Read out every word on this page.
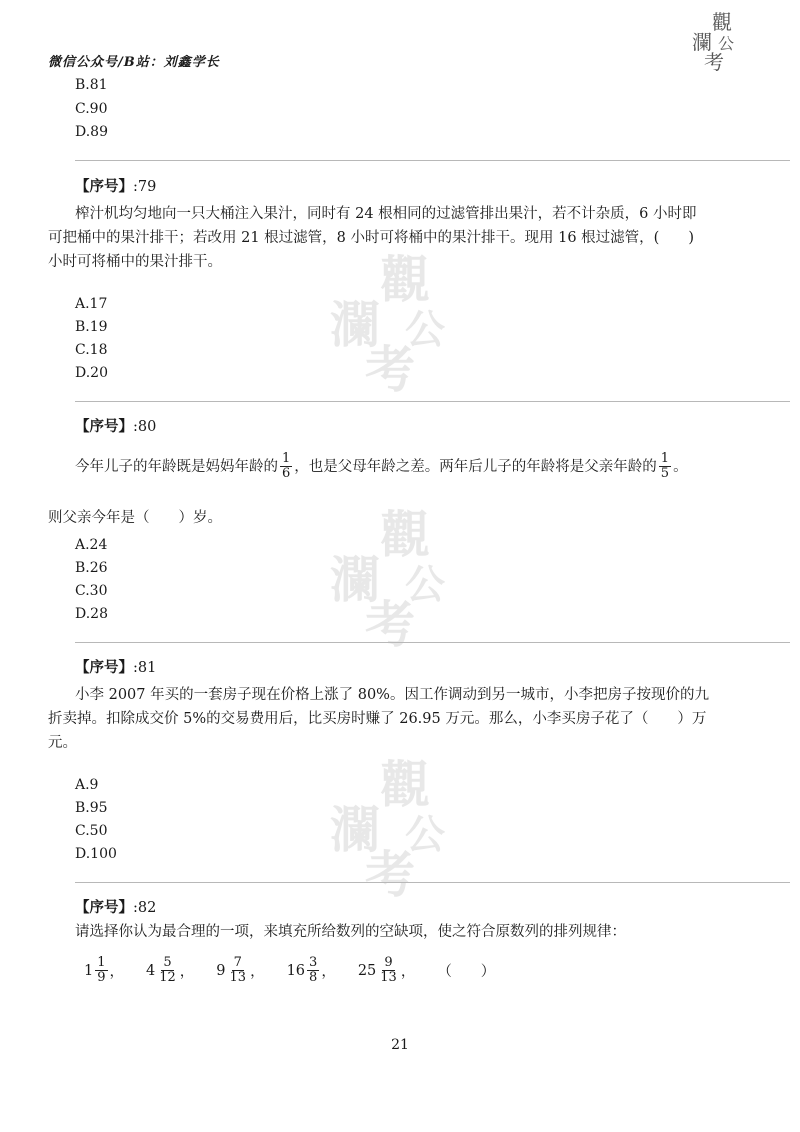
微信公众号/B站：刘鑫学长
觀
瀾 公
考
觀
瀾 公
考
觀
瀾 公
考
觀
瀾 公
考
B.81
C.90
D.89
【序号】:79
榨汁机均匀地向一只大桶注入果汁，同时有 24 根相同的过滤管排出果汁，若不计杂质，6 小时即
可把桶中的果汁排干；若改用 21 根过滤管，8 小时可将桶中的果汁排干。现用 16 根过滤管，(　　)
小时可将桶中的果汁排干。
A.17
B.19
C.18
D.20
【序号】:80
今年儿子的年龄既是妈妈年龄的 $\frac{1}{6}$ ，也是父母年龄之差。两年后儿子的年龄将是父亲年龄的 $\frac{1}{5}$ 。
则父亲今年是（　　）岁。
A.24
B.26
C.30
D.28
【序号】:81
小李 2007 年买的一套房子现在价格上涨了 80%。因工作调动到另一城市，小李把房子按现价的九
折卖掉。扣除成交价 5%的交易费用后，比买房时赚了 26.95 万元。那么，小李买房子花了（　　）万
元。
A.9
B.95
C.50
D.100
【序号】:82
请选择你认为最合理的一项，来填充所给数列的空缺项，使之符合原数列的排列规律：
$1 \frac{1}{9}$ ， $4 \frac{5}{12}$ ， $9 \frac{7}{13}$ ， $16 \frac{3}{8}$ ， $25 \frac{9}{13}$ ， （　　）
21
